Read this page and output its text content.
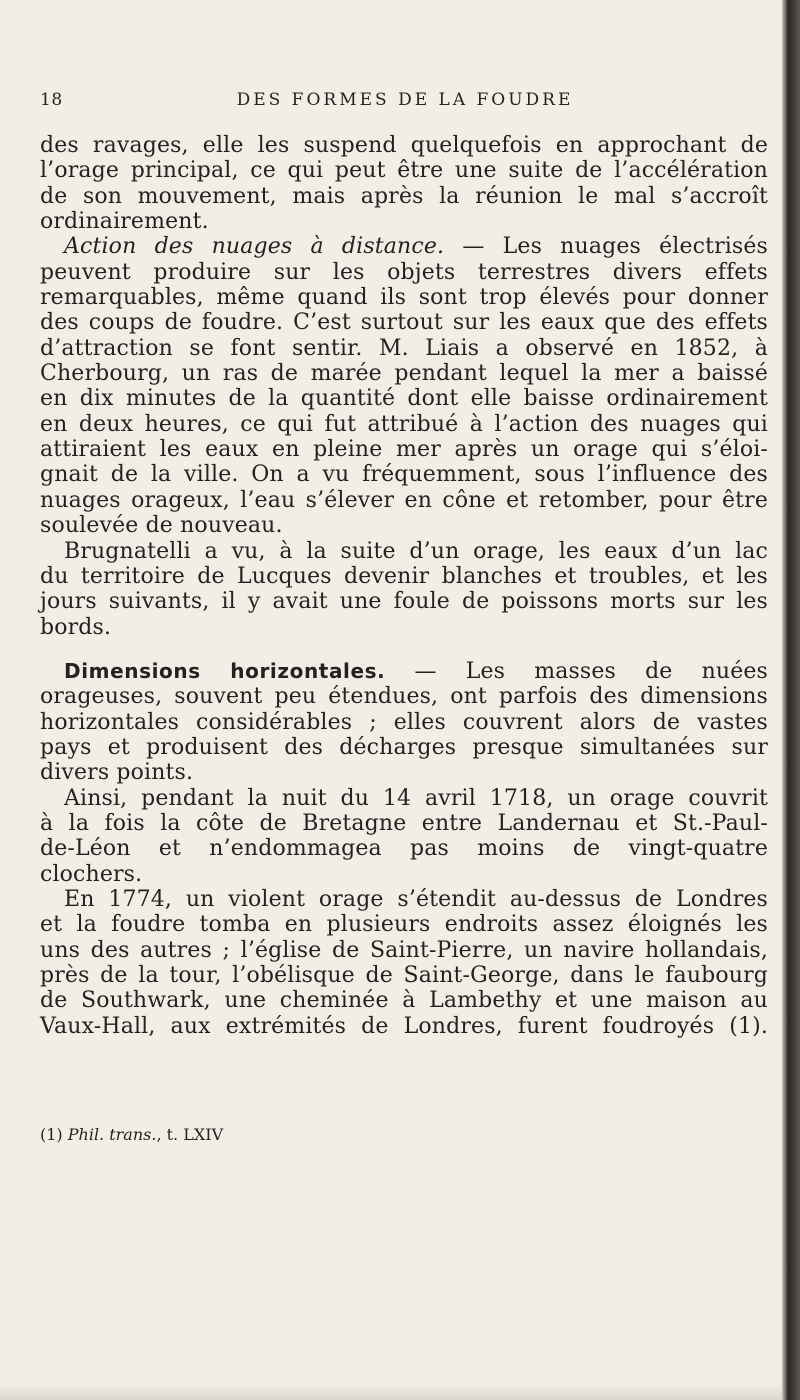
18	DES FORMES DE LA FOUDRE
des ravages, elle les suspend quelquefois en approchant de
l’orage principal, ce qui peut être une suite de l’accélération
de son mouvement, mais après la réunion le mal s’accroît
ordinairement.
Action des nuages à distance. — Les nuages électrisés
peuvent produire sur les objets terrestres divers effets
remarquables, même quand ils sont trop élevés pour donner
des coups de foudre. C’est surtout sur les eaux que des effets
d’attraction se font sentir. M. Liais a observé en 1852, à
Cherbourg, un ras de marée pendant lequel la mer a baissé
en dix minutes de la quantité dont elle baisse ordinairement
en deux heures, ce qui fut attribué à l’action des nuages qui
attiraient les eaux en pleine mer après un orage qui s’éloi-
gnait de la ville. On a vu fréquemment, sous l’influence des
nuages orageux, l’eau s’élever en cône et retomber, pour être
soulevée de nouveau.
Brugnatelli a vu, à la suite d’un orage, les eaux d’un lac
du territoire de Lucques devenir blanches et troubles, et les
jours suivants, il y avait une foule de poissons morts sur les
bords.
Dimensions horizontales. — Les masses de nuées
orageuses, souvent peu étendues, ont parfois des dimensions
horizontales considérables ; elles couvrent alors de vastes
pays et produisent des décharges presque simultanées sur
divers points.
Ainsi, pendant la nuit du 14 avril 1718, un orage couvrit
à la fois la côte de Bretagne entre Landernau et St.-Paul-
de-Léon et n’endommagea pas moins de vingt-quatre
clochers.
En 1774, un violent orage s’étendit au-dessus de Londres
et la foudre tomba en plusieurs endroits assez éloignés les
uns des autres ; l’église de Saint-Pierre, un navire hollandais,
près de la tour, l’obélisque de Saint-George, dans le faubourg
de Southwark, une cheminée à Lambethy et une maison au
Vaux-Hall, aux extrémités de Londres, furent foudroyés (1).
(1) Phil. trans., t. LXIV
